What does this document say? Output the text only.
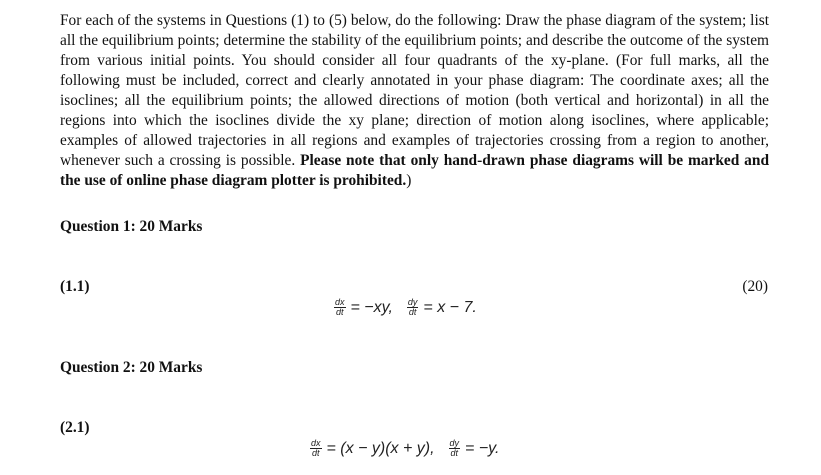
For each of the systems in Questions (1) to (5) below, do the following: Draw the phase diagram of the system; list all the equilibrium points; determine the stability of the equilibrium points; and describe the outcome of the system from various initial points. You should consider all four quadrants of the xy-plane. (For full marks, all the following must be included, correct and clearly annotated in your phase diagram: The coordinate axes; all the isoclines; all the equilibrium points; the allowed directions of motion (both vertical and horizontal) in all the regions into which the isoclines divide the xy plane; direction of motion along isoclines, where applicable; examples of allowed trajectories in all regions and examples of trajectories crossing from a region to another, whenever such a crossing is possible. Please note that only hand-drawn phase diagrams will be marked and the use of online phase diagram plotter is prohibited.)

Question 1: 20 Marks

(1.1)	(20)

$\frac{dx}{dt} = -xy$, $\frac{dy}{dt} = x - 7$.

Question 2: 20 Marks

(2.1)

$\frac{dx}{dt} = (x - y)(x + y)$, $\frac{dy}{dt} = -y$.
